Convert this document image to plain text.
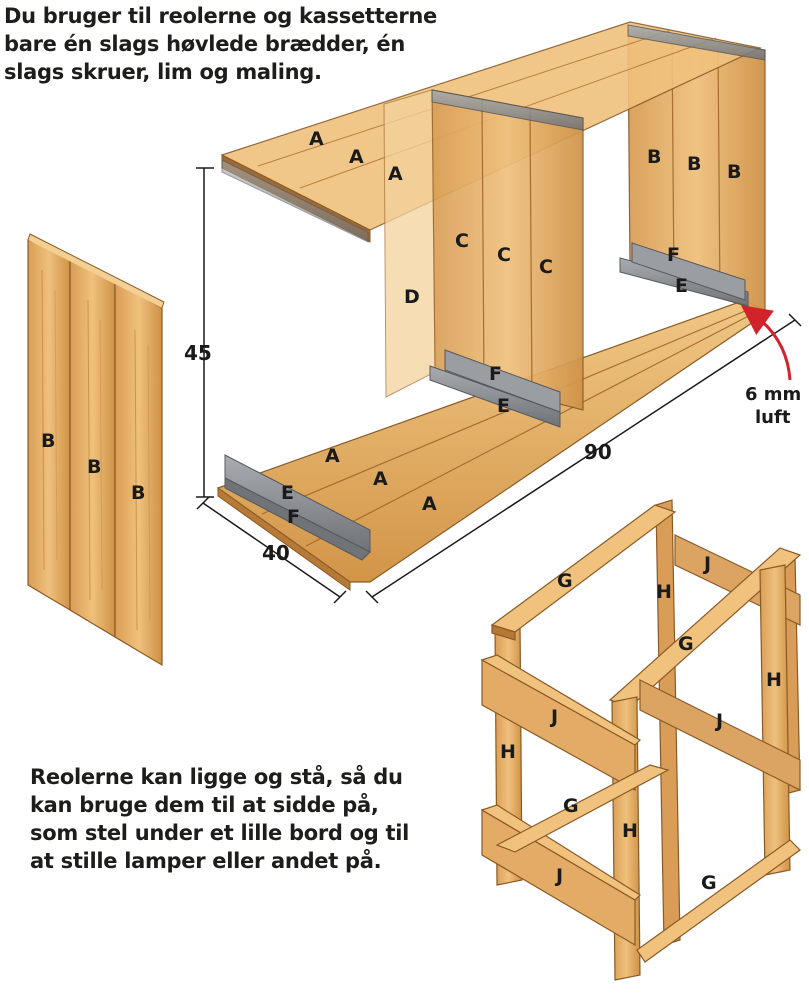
Du bruger til reolerne og kassetterne
bare én slags høvlede brædder, én
slags skruer, lim og maling.
Reolerne kan ligge og stå, så du
kan bruge dem til at sidde på,
som stel under et lille bord og til
at stille lamper eller andet på.
B
B
B
A
A
A
B B B
C
C
C
D
F
E
F
E
A
A
A
E
F
45
40
90
6 mm
luft
G	H
J
G
H
J	J
H
G
H
J	G
